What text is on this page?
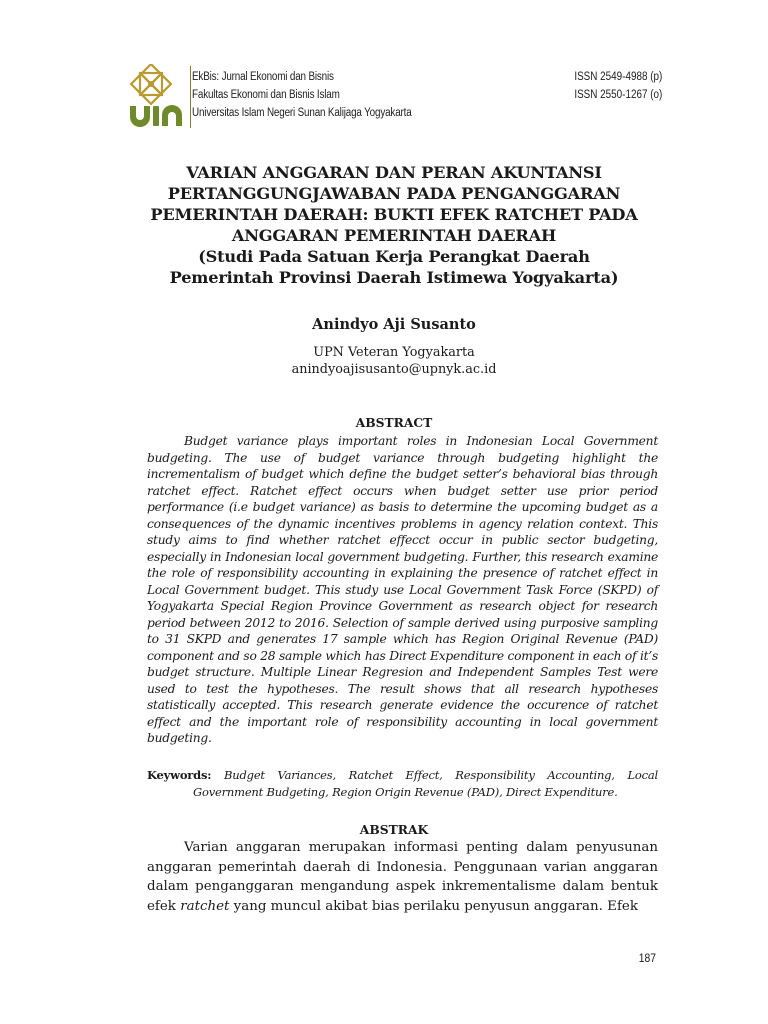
EkBis: Jurnal Ekonomi dan Bisnis
Fakultas Ekonomi dan Bisnis Islam
Universitas Islam Negeri Sunan Kalijaga Yogyakarta
ISSN 2549-4988 (p)
ISSN 2550-1267 (o)
VARIAN ANGGARAN DAN PERAN AKUNTANSI
PERTANGGUNGJAWABAN PADA PENGANGGARAN
PEMERINTAH DAERAH: BUKTI EFEK RATCHET PADA
ANGGARAN PEMERINTAH DAERAH
(Studi Pada Satuan Kerja Perangkat Daerah
Pemerintah Provinsi Daerah Istimewa Yogyakarta)
Anindyo Aji Susanto
UPN Veteran Yogyakarta
anindyoajisusanto@upnyk.ac.id
ABSTRACT
Budget variance plays important roles in Indonesian Local Government budgeting. The use of budget variance through budgeting highlight the incrementalism of budget which define the budget setter’s behavioral bias through ratchet effect. Ratchet effect occurs when budget setter use prior period performance (i.e budget variance) as basis to determine the upcoming budget as a consequences of the dynamic incentives problems in agency relation context. This study aims to find whether ratchet effecct occur in public sector budgeting, especially in Indonesian local government budgeting. Further, this research examine the role of responsibility accounting in explaining the presence of ratchet effect in Local Government budget. This study use Local Government Task Force (SKPD) of Yogyakarta Special Region Province Government as research object for research period between 2012 to 2016. Selection of sample derived using purposive sampling to 31 SKPD and generates 17 sample which has Region Original Revenue (PAD) component and so 28 sample which has Direct Expenditure component in each of it’s budget structure. Multiple Linear Regresion and Independent Samples Test were used to test the hypotheses. The result shows that all research hypotheses statistically accepted. This research generate evidence the occurence of ratchet effect and the important role of responsibility accounting in local government budgeting.
Keywords: Budget Variances, Ratchet Effect, Responsibility Accounting, Local Government Budgeting, Region Origin Revenue (PAD), Direct Expenditure.
ABSTRAK
Varian anggaran merupakan informasi penting dalam penyusunan anggaran pemerintah daerah di Indonesia. Penggunaan varian anggaran dalam penganggaran mengandung aspek inkrementalisme dalam bentuk efek ratchet yang muncul akibat bias perilaku penyusun anggaran. Efek
187
